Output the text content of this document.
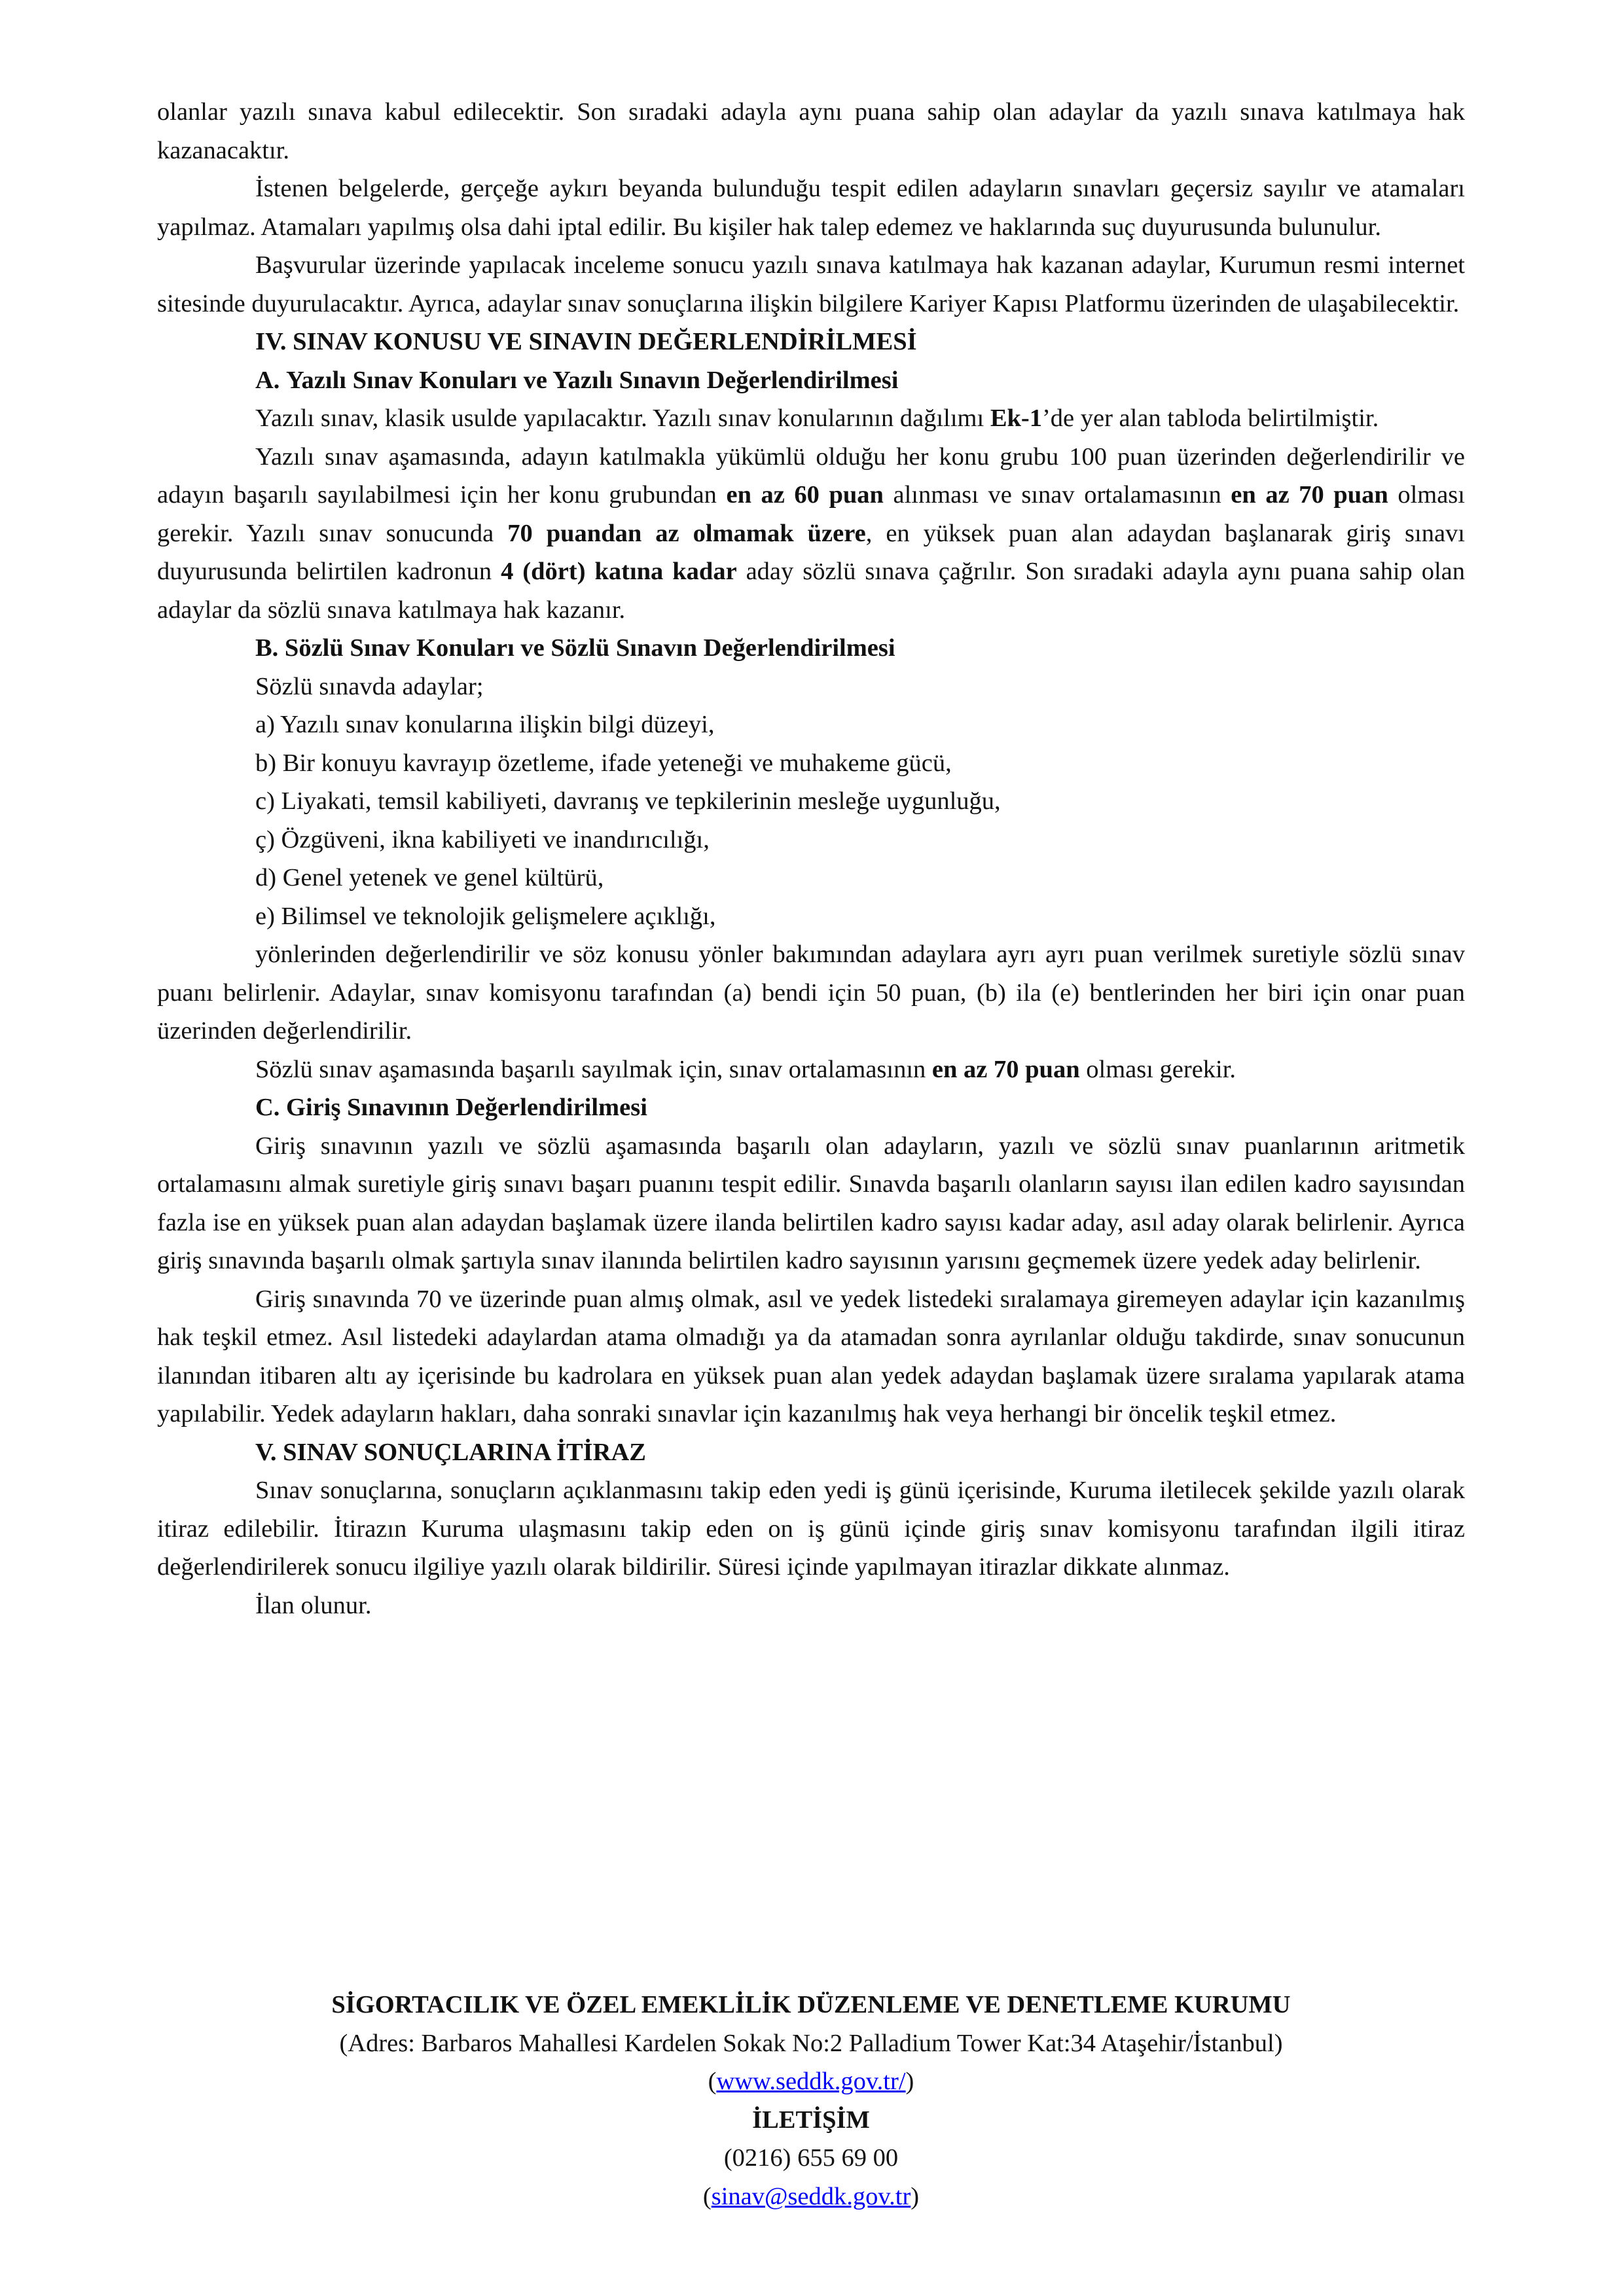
olanlar yazılı sınava kabul edilecektir. Son sıradaki adayla aynı puana sahip olan adaylar da yazılı sınava katılmaya hak kazanacaktır.

İstenen belgelerde, gerçeğe aykırı beyanda bulunduğu tespit edilen adayların sınavları geçersiz sayılır ve atamaları yapılmaz. Atamaları yapılmış olsa dahi iptal edilir. Bu kişiler hak talep edemez ve haklarında suç duyurusunda bulunulur.

Başvurular üzerinde yapılacak inceleme sonucu yazılı sınava katılmaya hak kazanan adaylar, Kurumun resmi internet sitesinde duyurulacaktır. Ayrıca, adaylar sınav sonuçlarına ilişkin bilgilere Kariyer Kapısı Platformu üzerinden de ulaşabilecektir.

IV. SINAV KONUSU VE SINAVIN DEĞERLENDİRİLMESİ

A. Yazılı Sınav Konuları ve Yazılı Sınavın Değerlendirilmesi

Yazılı sınav, klasik usulde yapılacaktır. Yazılı sınav konularının dağılımı Ek-1’de yer alan tabloda belirtilmiştir.

Yazılı sınav aşamasında, adayın katılmakla yükümlü olduğu her konu grubu 100 puan üzerinden değerlendirilir ve adayın başarılı sayılabilmesi için her konu grubundan en az 60 puan alınması ve sınav ortalamasının en az 70 puan olması gerekir. Yazılı sınav sonucunda 70 puandan az olmamak üzere, en yüksek puan alan adaydan başlanarak giriş sınavı duyurusunda belirtilen kadronun 4 (dört) katına kadar aday sözlü sınava çağrılır. Son sıradaki adayla aynı puana sahip olan adaylar da sözlü sınava katılmaya hak kazanır.

B. Sözlü Sınav Konuları ve Sözlü Sınavın Değerlendirilmesi

Sözlü sınavda adaylar;

a) Yazılı sınav konularına ilişkin bilgi düzeyi,

b) Bir konuyu kavrayıp özetleme, ifade yeteneği ve muhakeme gücü,

c) Liyakati, temsil kabiliyeti, davranış ve tepkilerinin mesleğe uygunluğu,

ç) Özgüveni, ikna kabiliyeti ve inandırıcılığı,

d) Genel yetenek ve genel kültürü,

e) Bilimsel ve teknolojik gelişmelere açıklığı,

yönlerinden değerlendirilir ve söz konusu yönler bakımından adaylara ayrı ayrı puan verilmek suretiyle sözlü sınav puanı belirlenir. Adaylar, sınav komisyonu tarafından (a) bendi için 50 puan, (b) ila (e) bentlerinden her biri için onar puan üzerinden değerlendirilir.

Sözlü sınav aşamasında başarılı sayılmak için, sınav ortalamasının en az 70 puan olması gerekir.

C. Giriş Sınavının Değerlendirilmesi

Giriş sınavının yazılı ve sözlü aşamasında başarılı olan adayların, yazılı ve sözlü sınav puanlarının aritmetik ortalamasını almak suretiyle giriş sınavı başarı puanını tespit edilir. Sınavda başarılı olanların sayısı ilan edilen kadro sayısından fazla ise en yüksek puan alan adaydan başlamak üzere ilanda belirtilen kadro sayısı kadar aday, asıl aday olarak belirlenir. Ayrıca giriş sınavında başarılı olmak şartıyla sınav ilanında belirtilen kadro sayısının yarısını geçmemek üzere yedek aday belirlenir.

Giriş sınavında 70 ve üzerinde puan almış olmak, asıl ve yedek listedeki sıralamaya giremeyen adaylar için kazanılmış hak teşkil etmez. Asıl listedeki adaylardan atama olmadığı ya da atamadan sonra ayrılanlar olduğu takdirde, sınav sonucunun ilanından itibaren altı ay içerisinde bu kadrolara en yüksek puan alan yedek adaydan başlamak üzere sıralama yapılarak atama yapılabilir. Yedek adayların hakları, daha sonraki sınavlar için kazanılmış hak veya herhangi bir öncelik teşkil etmez.

V. SINAV SONUÇLARINA İTİRAZ

Sınav sonuçlarına, sonuçların açıklanmasını takip eden yedi iş günü içerisinde, Kuruma iletilecek şekilde yazılı olarak itiraz edilebilir. İtirazın Kuruma ulaşmasını takip eden on iş günü içinde giriş sınav komisyonu tarafından ilgili itiraz değerlendirilerek sonucu ilgiliye yazılı olarak bildirilir. Süresi içinde yapılmayan itirazlar dikkate alınmaz.

İlan olunur.

SİGORTACILIK VE ÖZEL EMEKLİLİK DÜZENLEME VE DENETLEME KURUMU

(Adres: Barbaros Mahallesi Kardelen Sokak No:2 Palladium Tower Kat:34 Ataşehir/İstanbul)

(www.seddk.gov.tr/)

İLETİŞİM

(0216) 655 69 00

(sinav@seddk.gov.tr)
